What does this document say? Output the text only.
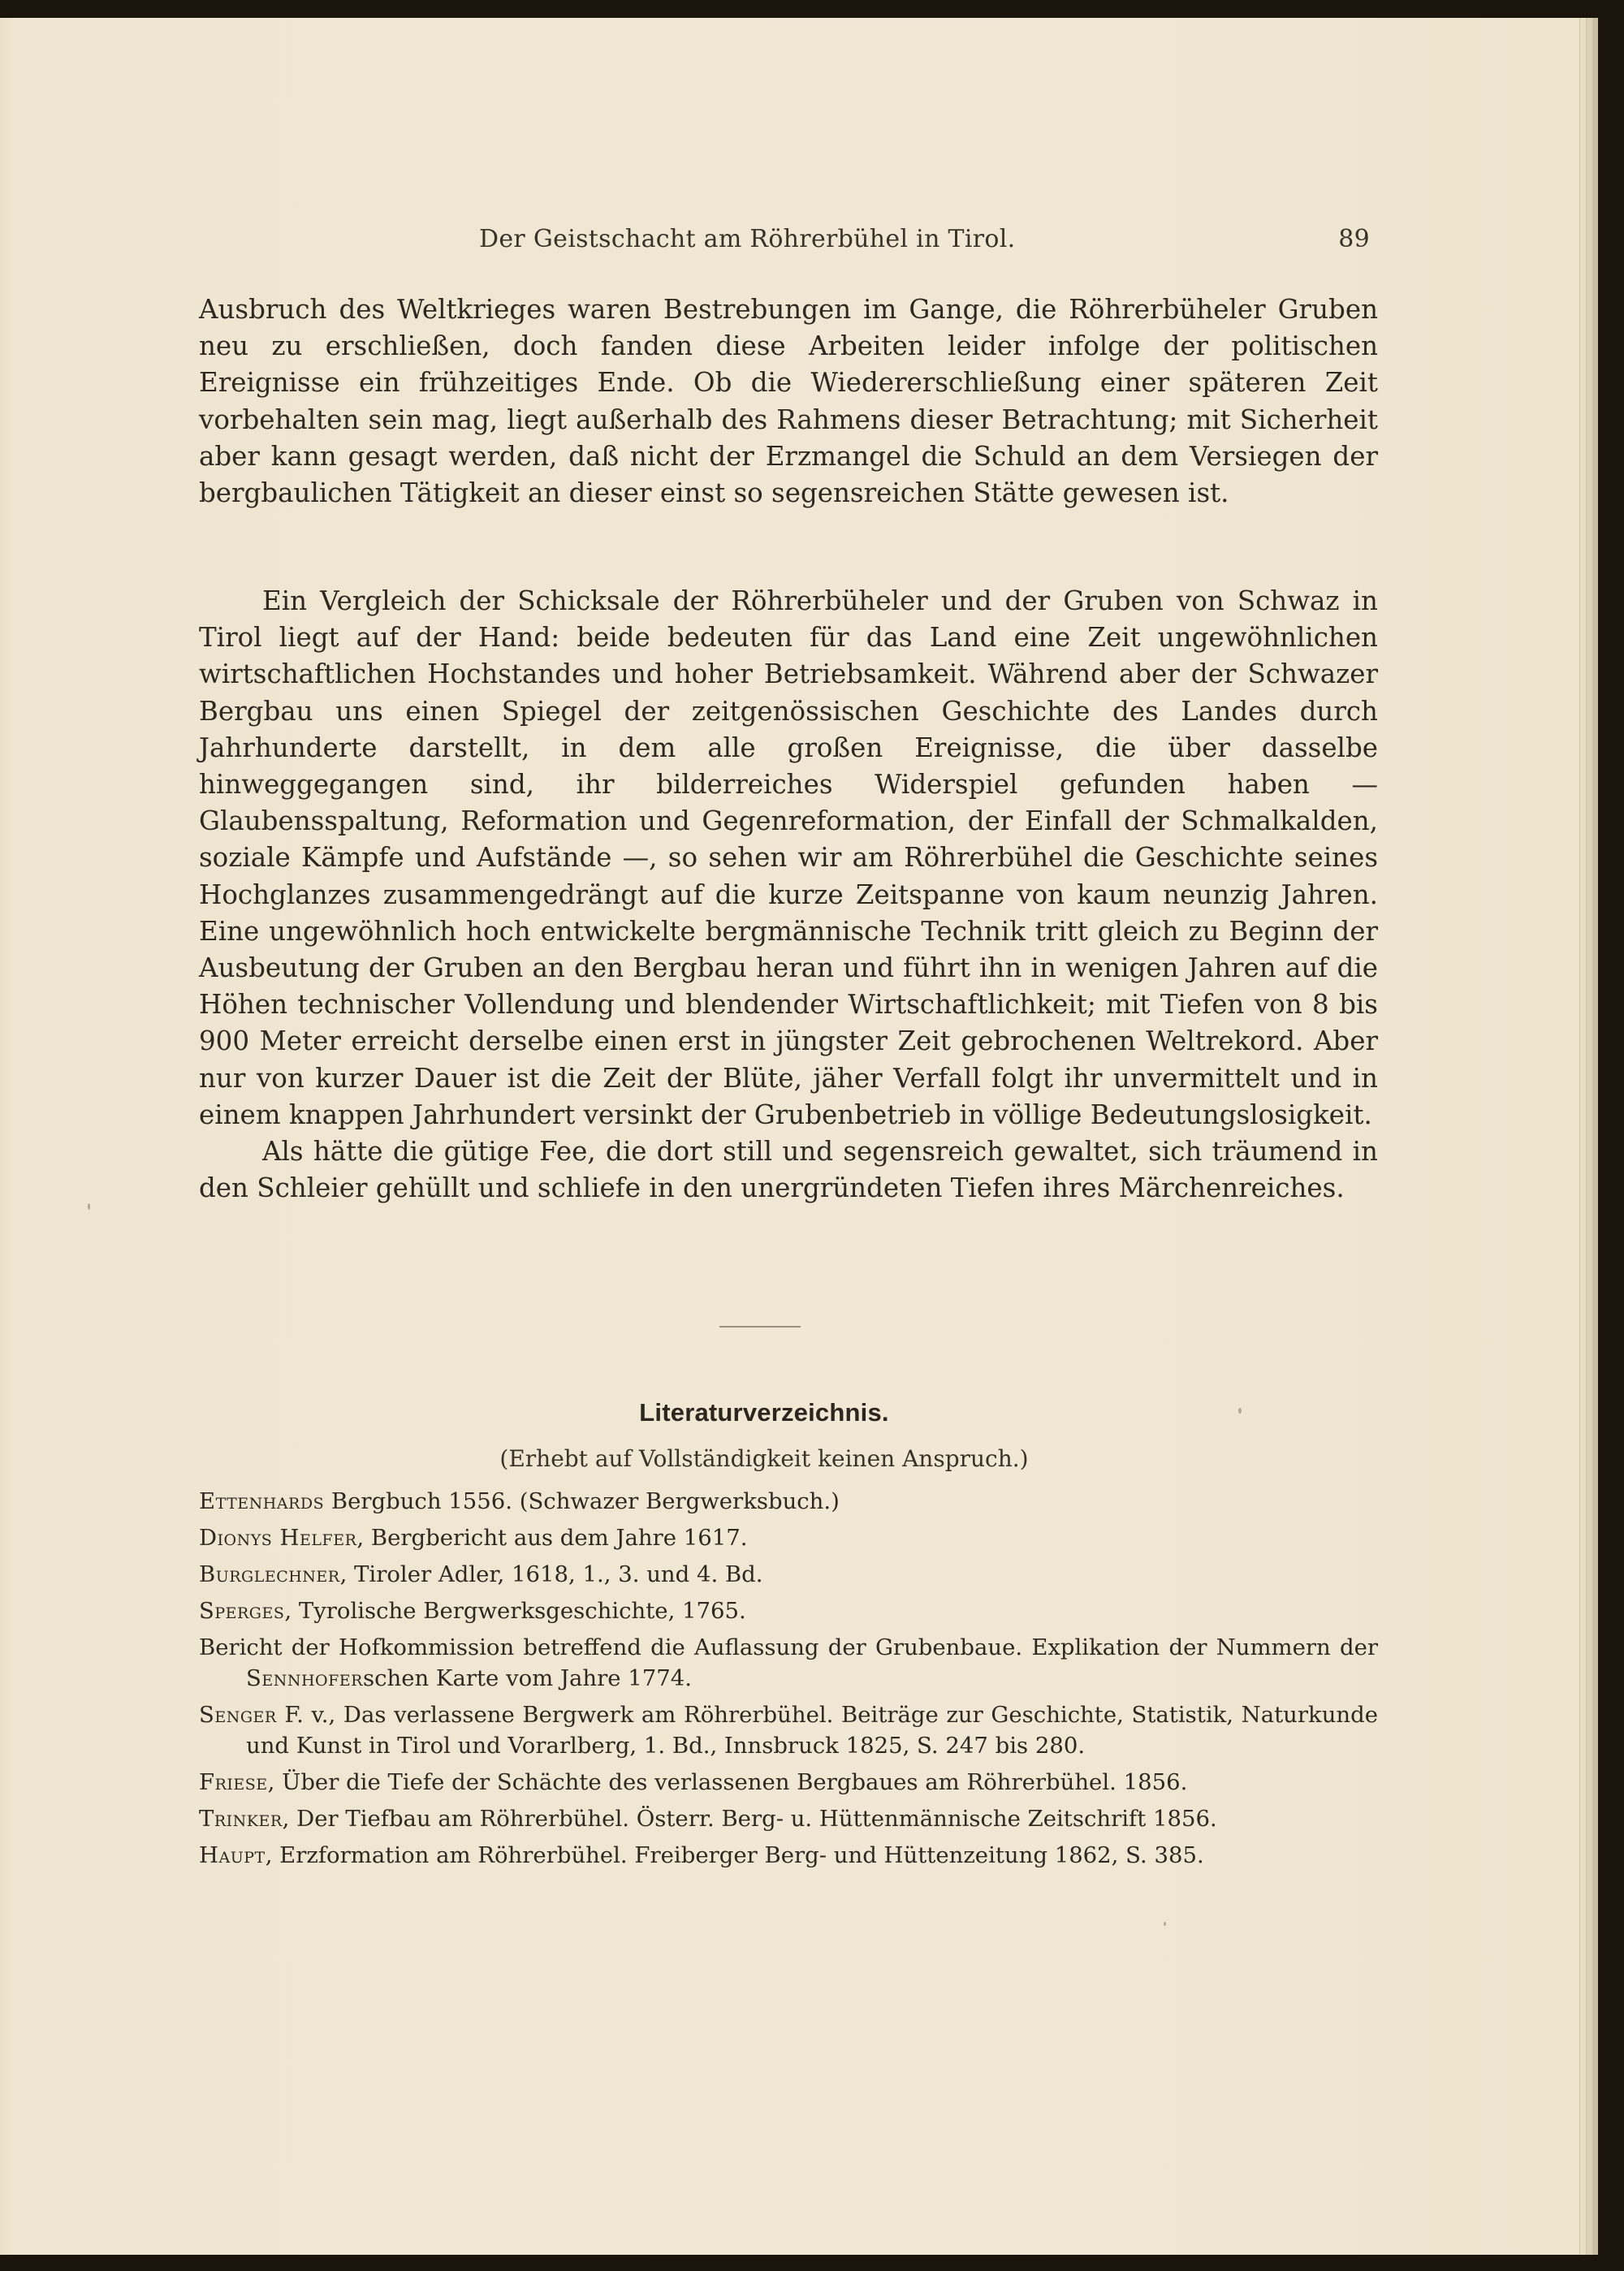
Der Geistschacht am Röhrerbühel in Tirol.	89

Ausbruch des Weltkrieges waren Bestrebungen im Gange, die Röhrerbüheler Gruben neu zu erschließen, doch fanden diese Arbeiten leider infolge der politischen Ereignisse ein frühzeitiges Ende. Ob die Wiedererschließung einer späteren Zeit vorbehalten sein mag, liegt außerhalb des Rahmens dieser Betrachtung; mit Sicherheit aber kann gesagt werden, daß nicht der Erzmangel die Schuld an dem Versiegen der bergbaulichen Tätigkeit an dieser einst so segensreichen Stätte gewesen ist.

Ein Vergleich der Schicksale der Röhrerbüheler und der Gruben von Schwaz in Tirol liegt auf der Hand: beide bedeuten für das Land eine Zeit ungewöhnlichen wirtschaftlichen Hochstandes und hoher Betriebsamkeit. Während aber der Schwazer Bergbau uns einen Spiegel der zeitgenössischen Geschichte des Landes durch Jahrhunderte darstellt, in dem alle großen Ereignisse, die über dasselbe hinweggegangen sind, ihr bilderreiches Widerspiel gefunden haben — Glaubensspaltung, Reformation und Gegenreformation, der Einfall der Schmalkalden, soziale Kämpfe und Aufstände —, so sehen wir am Röhrerbühel die Geschichte seines Hochglanzes zusammengedrängt auf die kurze Zeitspanne von kaum neunzig Jahren. Eine ungewöhnlich hoch entwickelte bergmännische Technik tritt gleich zu Beginn der Ausbeutung der Gruben an den Bergbau heran und führt ihn in wenigen Jahren auf die Höhen technischer Vollendung und blendender Wirtschaftlichkeit; mit Tiefen von 8 bis 900 Meter erreicht derselbe einen erst in jüngster Zeit gebrochenen Weltrekord. Aber nur von kurzer Dauer ist die Zeit der Blüte, jäher Verfall folgt ihr unvermittelt und in einem knappen Jahrhundert versinkt der Grubenbetrieb in völlige Bedeutungslosigkeit.

Als hätte die gütige Fee, die dort still und segensreich gewaltet, sich träumend in den Schleier gehüllt und schliefe in den unergründeten Tiefen ihres Märchenreiches.

Literaturverzeichnis.
(Erhebt auf Vollständigkeit keinen Anspruch.)

Ettenhards Bergbuch 1556. (Schwazer Bergwerksbuch.)

Dionys Helfer, Bergbericht aus dem Jahre 1617.

Burglechner, Tiroler Adler, 1618, 1., 3. und 4. Bd.

Sperges, Tyrolische Bergwerksgeschichte, 1765.

Bericht der Hofkommission betreffend die Auflassung der Grubenbaue. Explikation der Nummern der Sennhoferschen Karte vom Jahre 1774.

Senger F. v., Das verlassene Bergwerk am Röhrerbühel. Beiträge zur Geschichte, Statistik, Naturkunde und Kunst in Tirol und Vorarlberg, 1. Bd., Innsbruck 1825, S. 247 bis 280.

Friese, Über die Tiefe der Schächte des verlassenen Bergbaues am Röhrerbühel. 1856.

Trinker, Der Tiefbau am Röhrerbühel. Österr. Berg- u. Hüttenmännische Zeitschrift 1856.

Haupt, Erzformation am Röhrerbühel. Freiberger Berg- und Hüttenzeitung 1862, S. 385.
